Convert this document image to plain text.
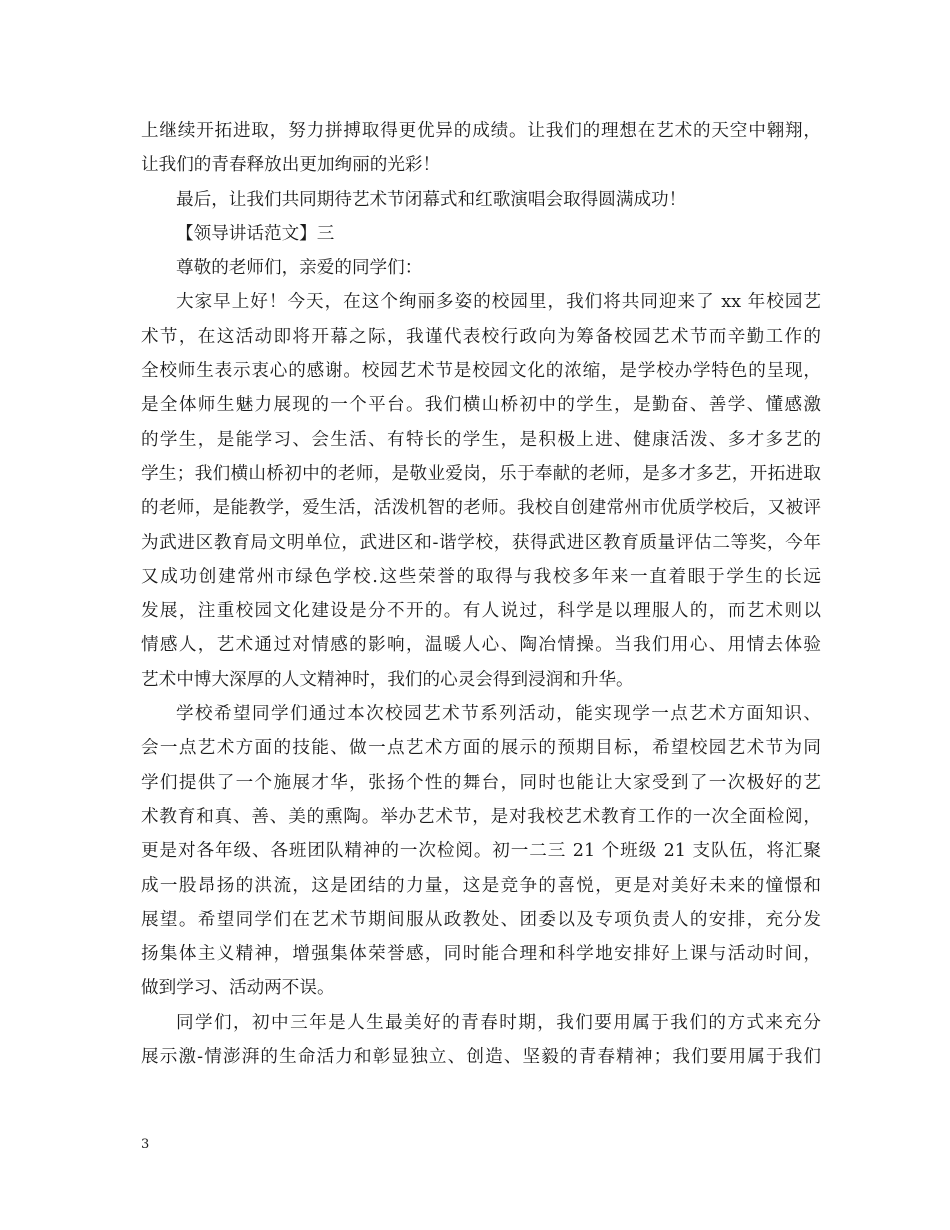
上继续开拓进取，努力拼搏取得更优异的成绩。让我们的理想在艺术的天空中翱翔，
让我们的青春释放出更加绚丽的光彩！
最后，让我们共同期待艺术节闭幕式和红歌演唱会取得圆满成功！
【领导讲话范文】三
尊敬的老师们，亲爱的同学们：
大家早上好！今天，在这个绚丽多姿的校园里，我们将共同迎来了 xx 年校园艺
术节，在这活动即将开幕之际，我谨代表校行政向为筹备校园艺术节而辛勤工作的
全校师生表示衷心的感谢。校园艺术节是校园文化的浓缩，是学校办学特色的呈现，
是全体师生魅力展现的一个平台。我们横山桥初中的学生，是勤奋、善学、懂感激
的学生，是能学习、会生活、有特长的学生，是积极上进、健康活泼、多才多艺的
学生；我们横山桥初中的老师，是敬业爱岗，乐于奉献的老师，是多才多艺，开拓进取
的老师，是能教学，爱生活，活泼机智的老师。我校自创建常州市优质学校后，又被评
为武进区教育局文明单位，武进区和-谐学校，获得武进区教育质量评估二等奖，今年
又成功创建常州市绿色学校.这些荣誉的取得与我校多年来一直着眼于学生的长远
发展，注重校园文化建设是分不开的。有人说过，科学是以理服人的，而艺术则以
情感人，艺术通过对情感的影响，温暖人心、陶冶情操。当我们用心、用情去体验
艺术中博大深厚的人文精神时，我们的心灵会得到浸润和升华。
学校希望同学们通过本次校园艺术节系列活动，能实现学一点艺术方面知识、
会一点艺术方面的技能、做一点艺术方面的展示的预期目标，希望校园艺术节为同
学们提供了一个施展才华，张扬个性的舞台，同时也能让大家受到了一次极好的艺
术教育和真、善、美的熏陶。举办艺术节，是对我校艺术教育工作的一次全面检阅，
更是对各年级、各班团队精神的一次检阅。初一二三 21 个班级 21 支队伍，将汇聚
成一股昂扬的洪流，这是团结的力量，这是竞争的喜悦，更是对美好未来的憧憬和
展望。希望同学们在艺术节期间服从政教处、团委以及专项负责人的安排，充分发
扬集体主义精神，增强集体荣誉感，同时能合理和科学地安排好上课与活动时间，
做到学习、活动两不误。
同学们，初中三年是人生最美好的青春时期，我们要用属于我们的方式来充分
展示激-情澎湃的生命活力和彰显独立、创造、坚毅的青春精神；我们要用属于我们
3
